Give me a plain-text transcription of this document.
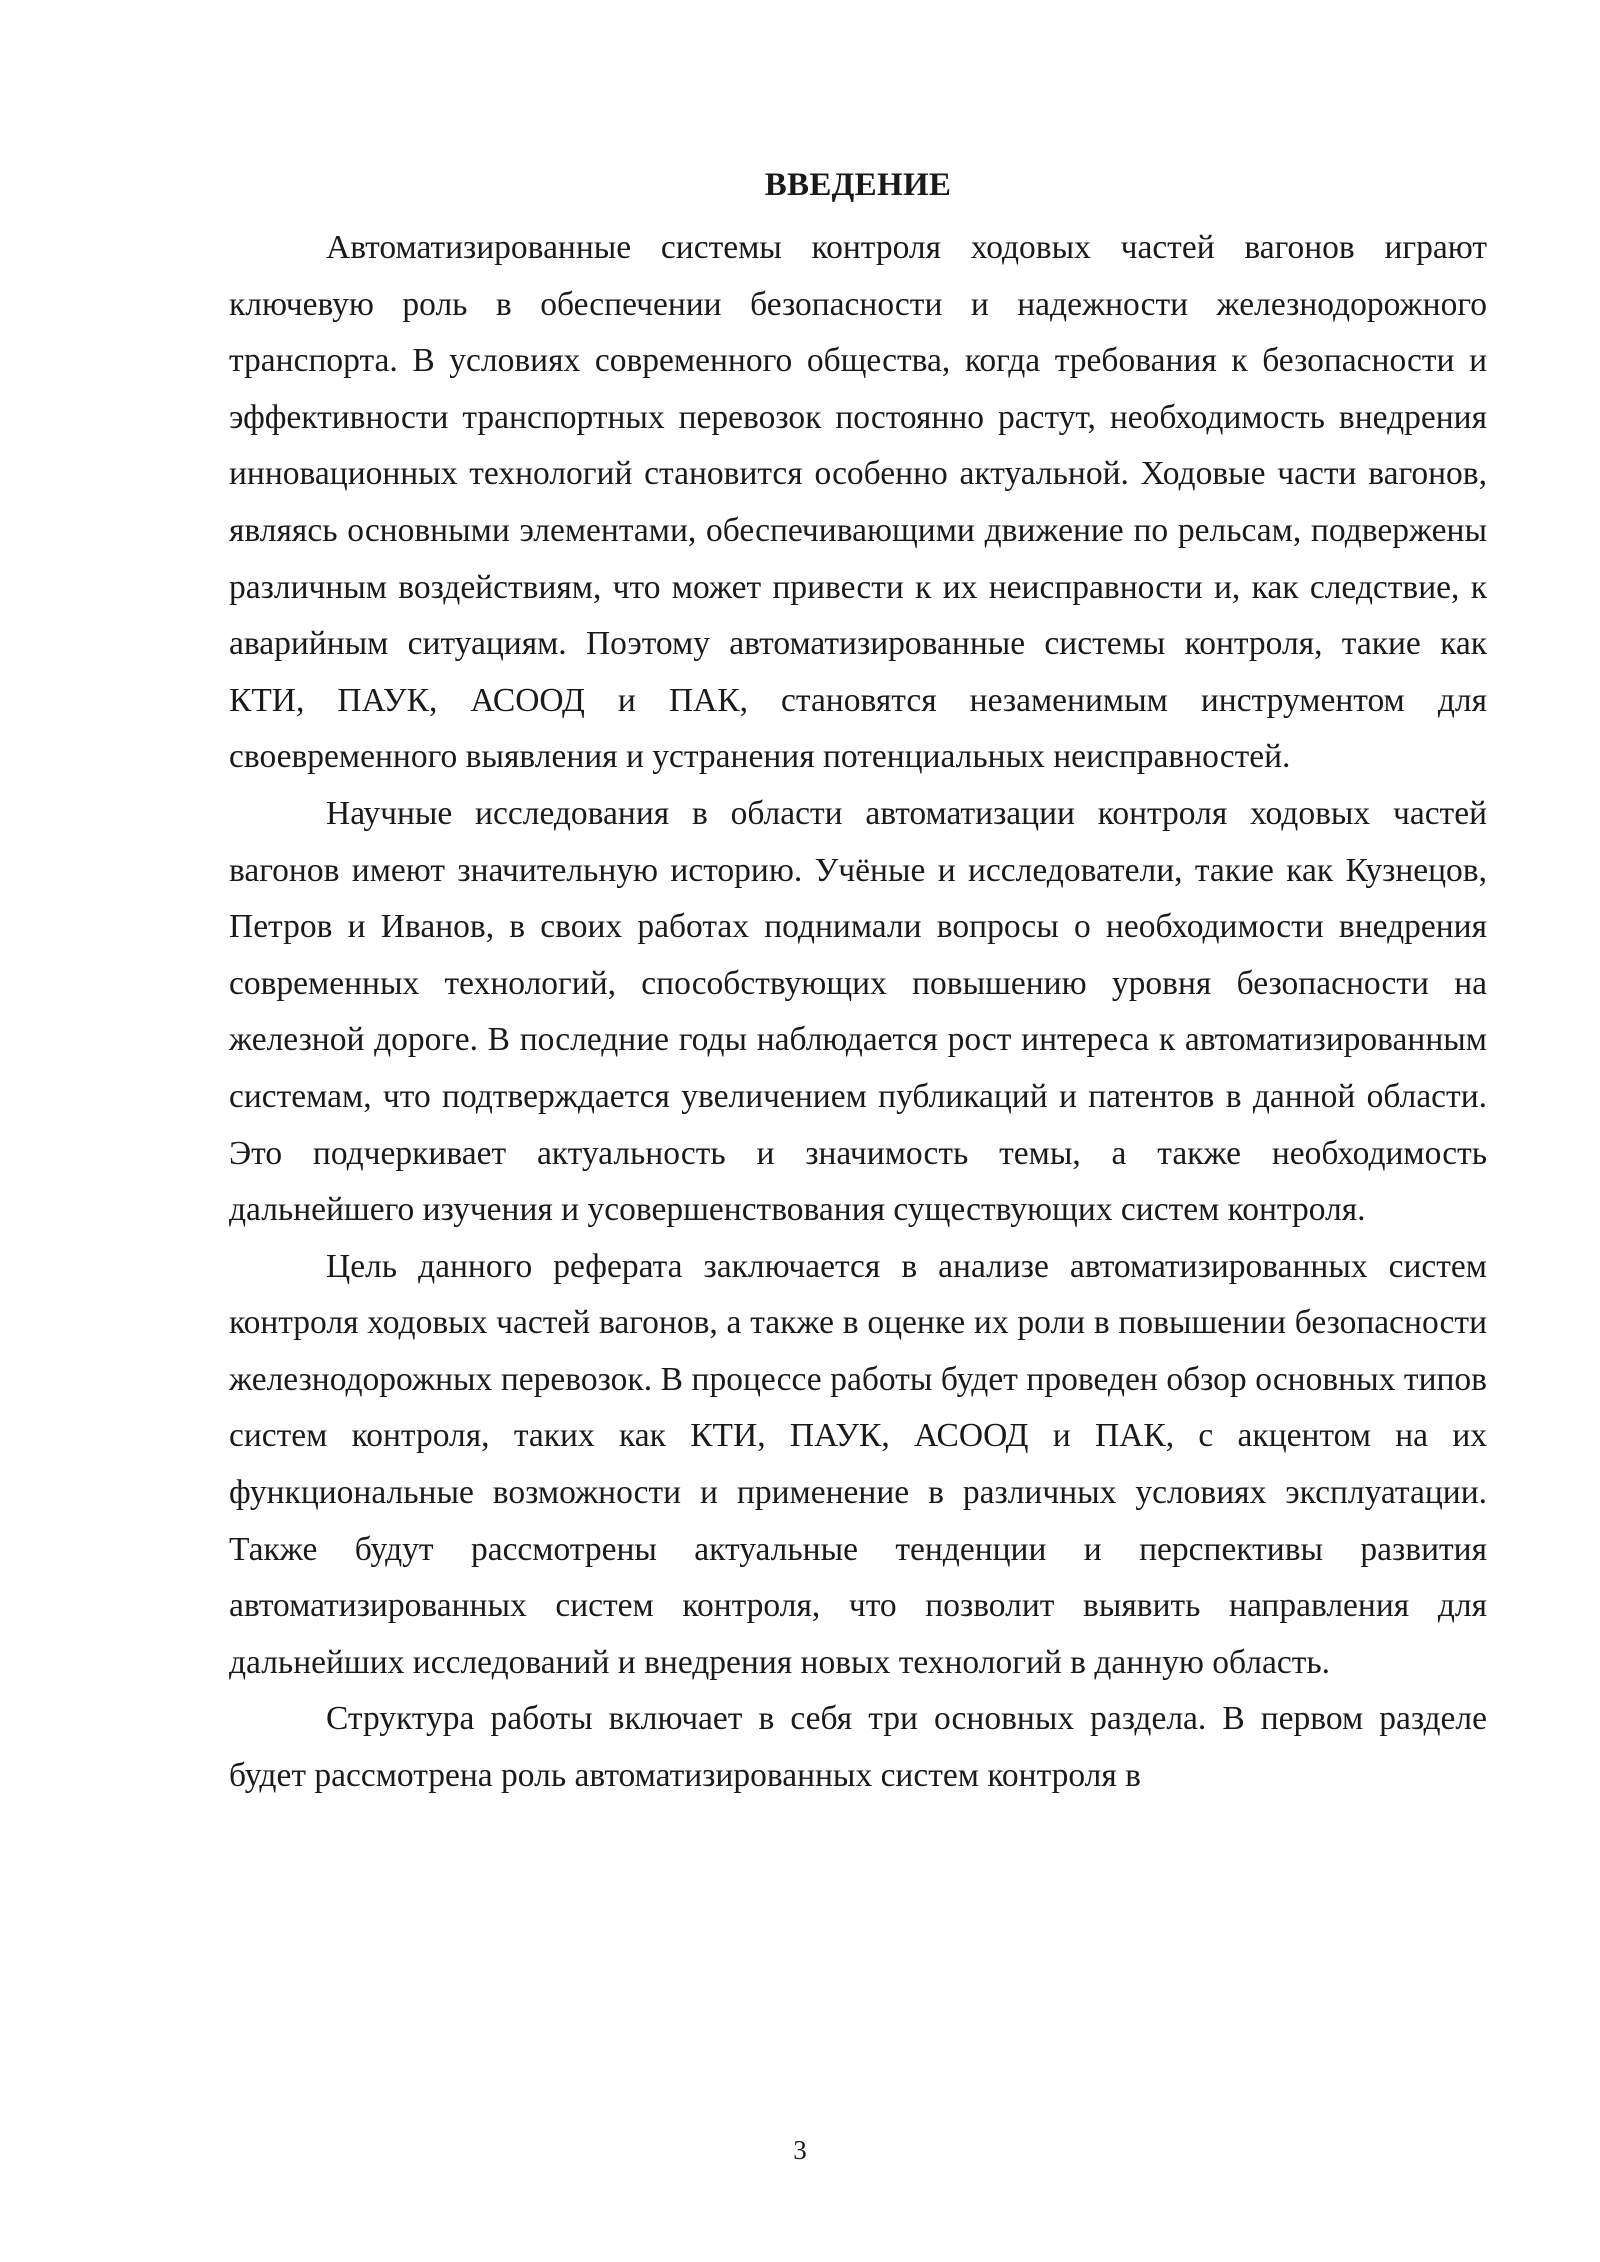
ВВЕДЕНИЕ

Автоматизированные системы контроля ходовых частей вагонов играют ключевую роль в обеспечении безопасности и надежности железнодорожного транспорта. В условиях современного общества, когда требования к безопасности и эффективности транспортных перевозок постоянно растут, необходимость внедрения инновационных технологий становится особенно актуальной. Ходовые части вагонов, являясь основными элементами, обеспечивающими движение по рельсам, подвержены различным воздействиям, что может привести к их неисправности и, как следствие, к аварийным ситуациям. Поэтому автоматизированные системы контроля, такие как КТИ, ПАУК, АСООД и ПАК, становятся незаменимым инструментом для своевременного выявления и устранения потенциальных неисправностей.

Научные исследования в области автоматизации контроля ходовых частей вагонов имеют значительную историю. Учёные и исследователи, такие как Кузнецов, Петров и Иванов, в своих работах поднимали вопросы о необходимости внедрения современных технологий, способствующих повышению уровня безопасности на железной дороге. В последние годы наблюдается рост интереса к автоматизированным системам, что подтверждается увеличением публикаций и патентов в данной области. Это подчеркивает актуальность и значимость темы, а также необходимость дальнейшего изучения и усовершенствования существующих систем контроля.

Цель данного реферата заключается в анализе автоматизированных систем контроля ходовых частей вагонов, а также в оценке их роли в повышении безопасности железнодорожных перевозок. В процессе работы будет проведен обзор основных типов систем контроля, таких как КТИ, ПАУК, АСООД и ПАК, с акцентом на их функциональные возможности и применение в различных условиях эксплуатации. Также будут рассмотрены актуальные тенденции и перспективы развития автоматизированных систем контроля, что позволит выявить направления для дальнейших исследований и внедрения новых технологий в данную область.

Структура работы включает в себя три основных раздела. В первом разделе будет рассмотрена роль автоматизированных систем контроля в

3
